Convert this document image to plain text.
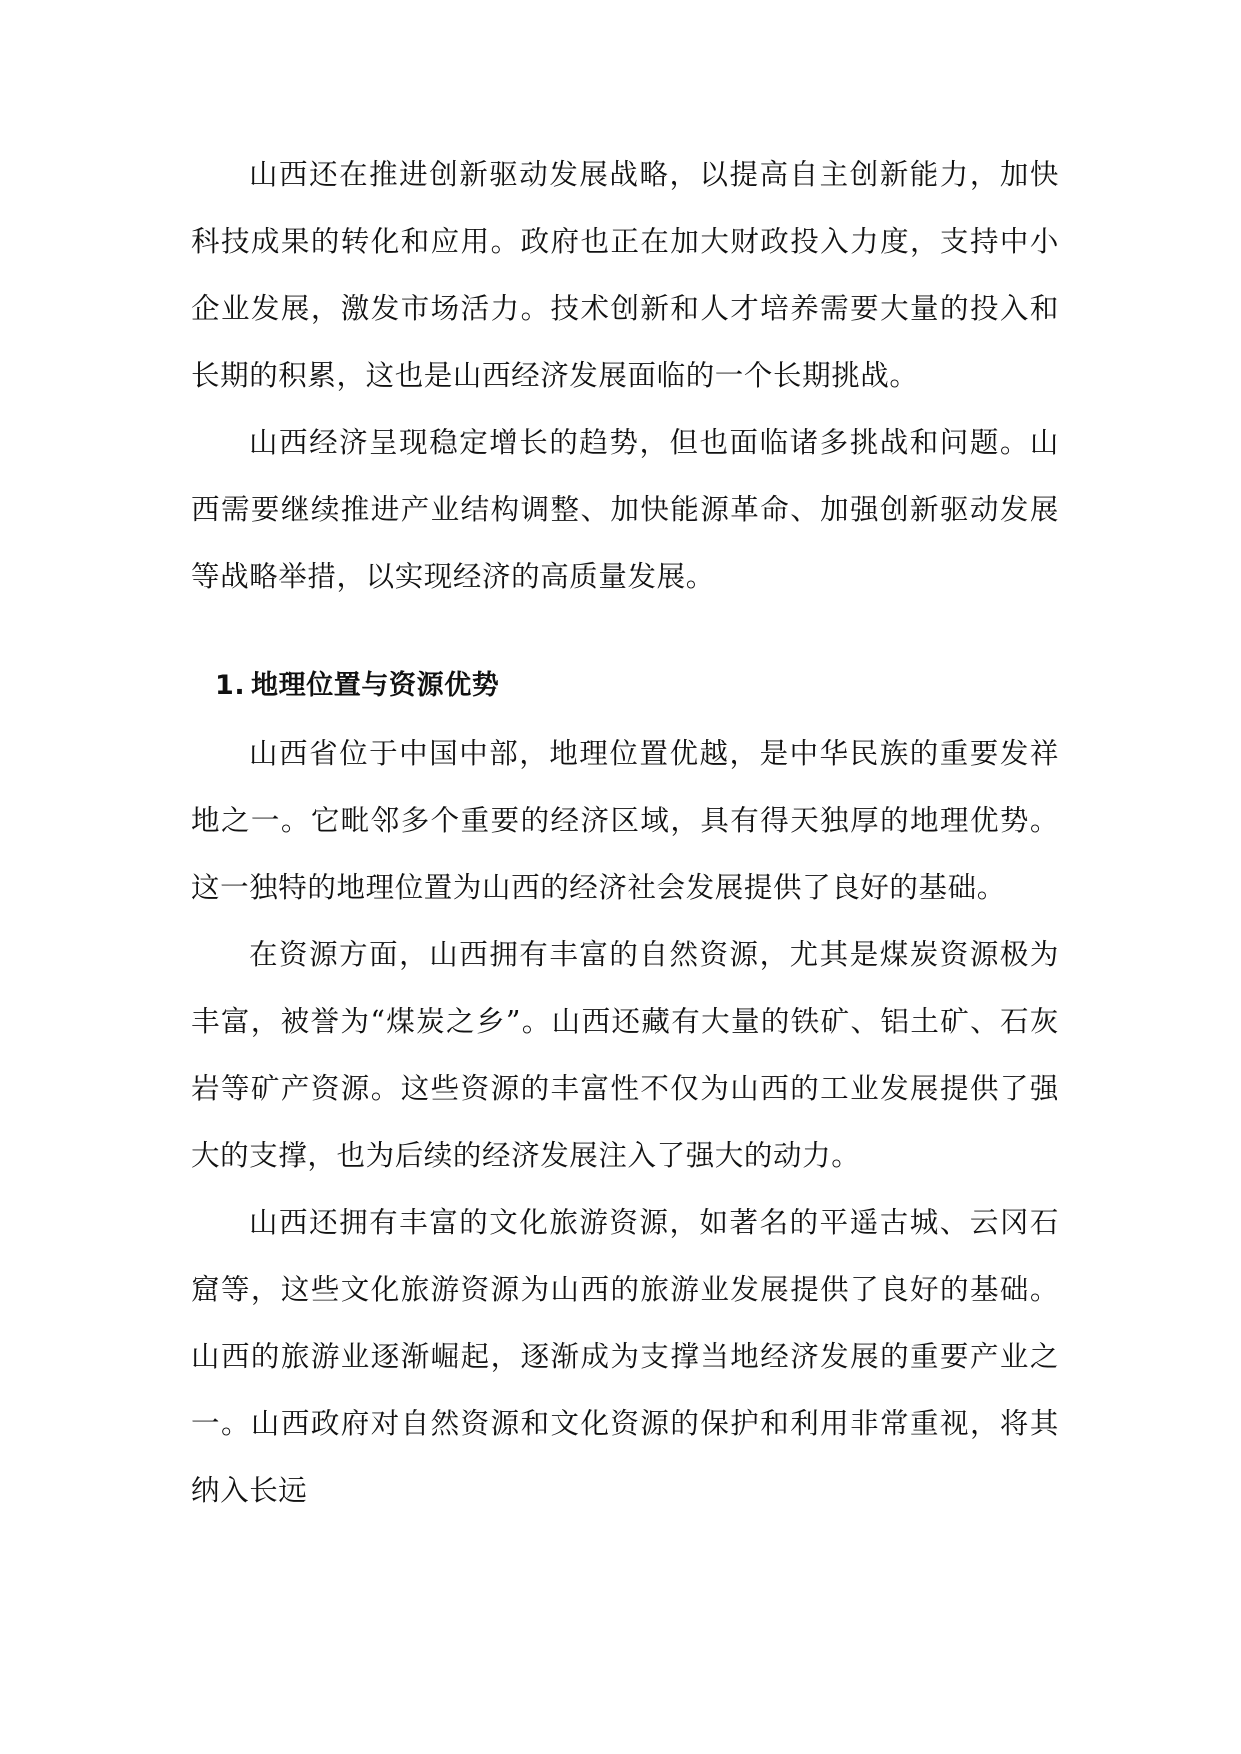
山西还在推进创新驱动发展战略，以提高自主创新能力，加快科技成果的转化和应用。政府也正在加大财政投入力度，支持中小企业发展，激发市场活力。技术创新和人才培养需要大量的投入和长期的积累，这也是山西经济发展面临的一个长期挑战。

山西经济呈现稳定增长的趋势，但也面临诸多挑战和问题。山西需要继续推进产业结构调整、加快能源革命、加强创新驱动发展等战略举措，以实现经济的高质量发展。

1. 地理位置与资源优势

山西省位于中国中部，地理位置优越，是中华民族的重要发祥地之一。它毗邻多个重要的经济区域，具有得天独厚的地理优势。这一独特的地理位置为山西的经济社会发展提供了良好的基础。

在资源方面，山西拥有丰富的自然资源，尤其是煤炭资源极为丰富，被誉为“煤炭之乡”。山西还藏有大量的铁矿、铝土矿、石灰岩等矿产资源。这些资源的丰富性不仅为山西的工业发展提供了强大的支撑，也为后续的经济发展注入了强大的动力。

山西还拥有丰富的文化旅游资源，如著名的平遥古城、云冈石窟等，这些文化旅游资源为山西的旅游业发展提供了良好的基础。山西的旅游业逐渐崛起，逐渐成为支撑当地经济发展的重要产业之一。山西政府对自然资源和文化资源的保护和利用非常重视，将其纳入长远
